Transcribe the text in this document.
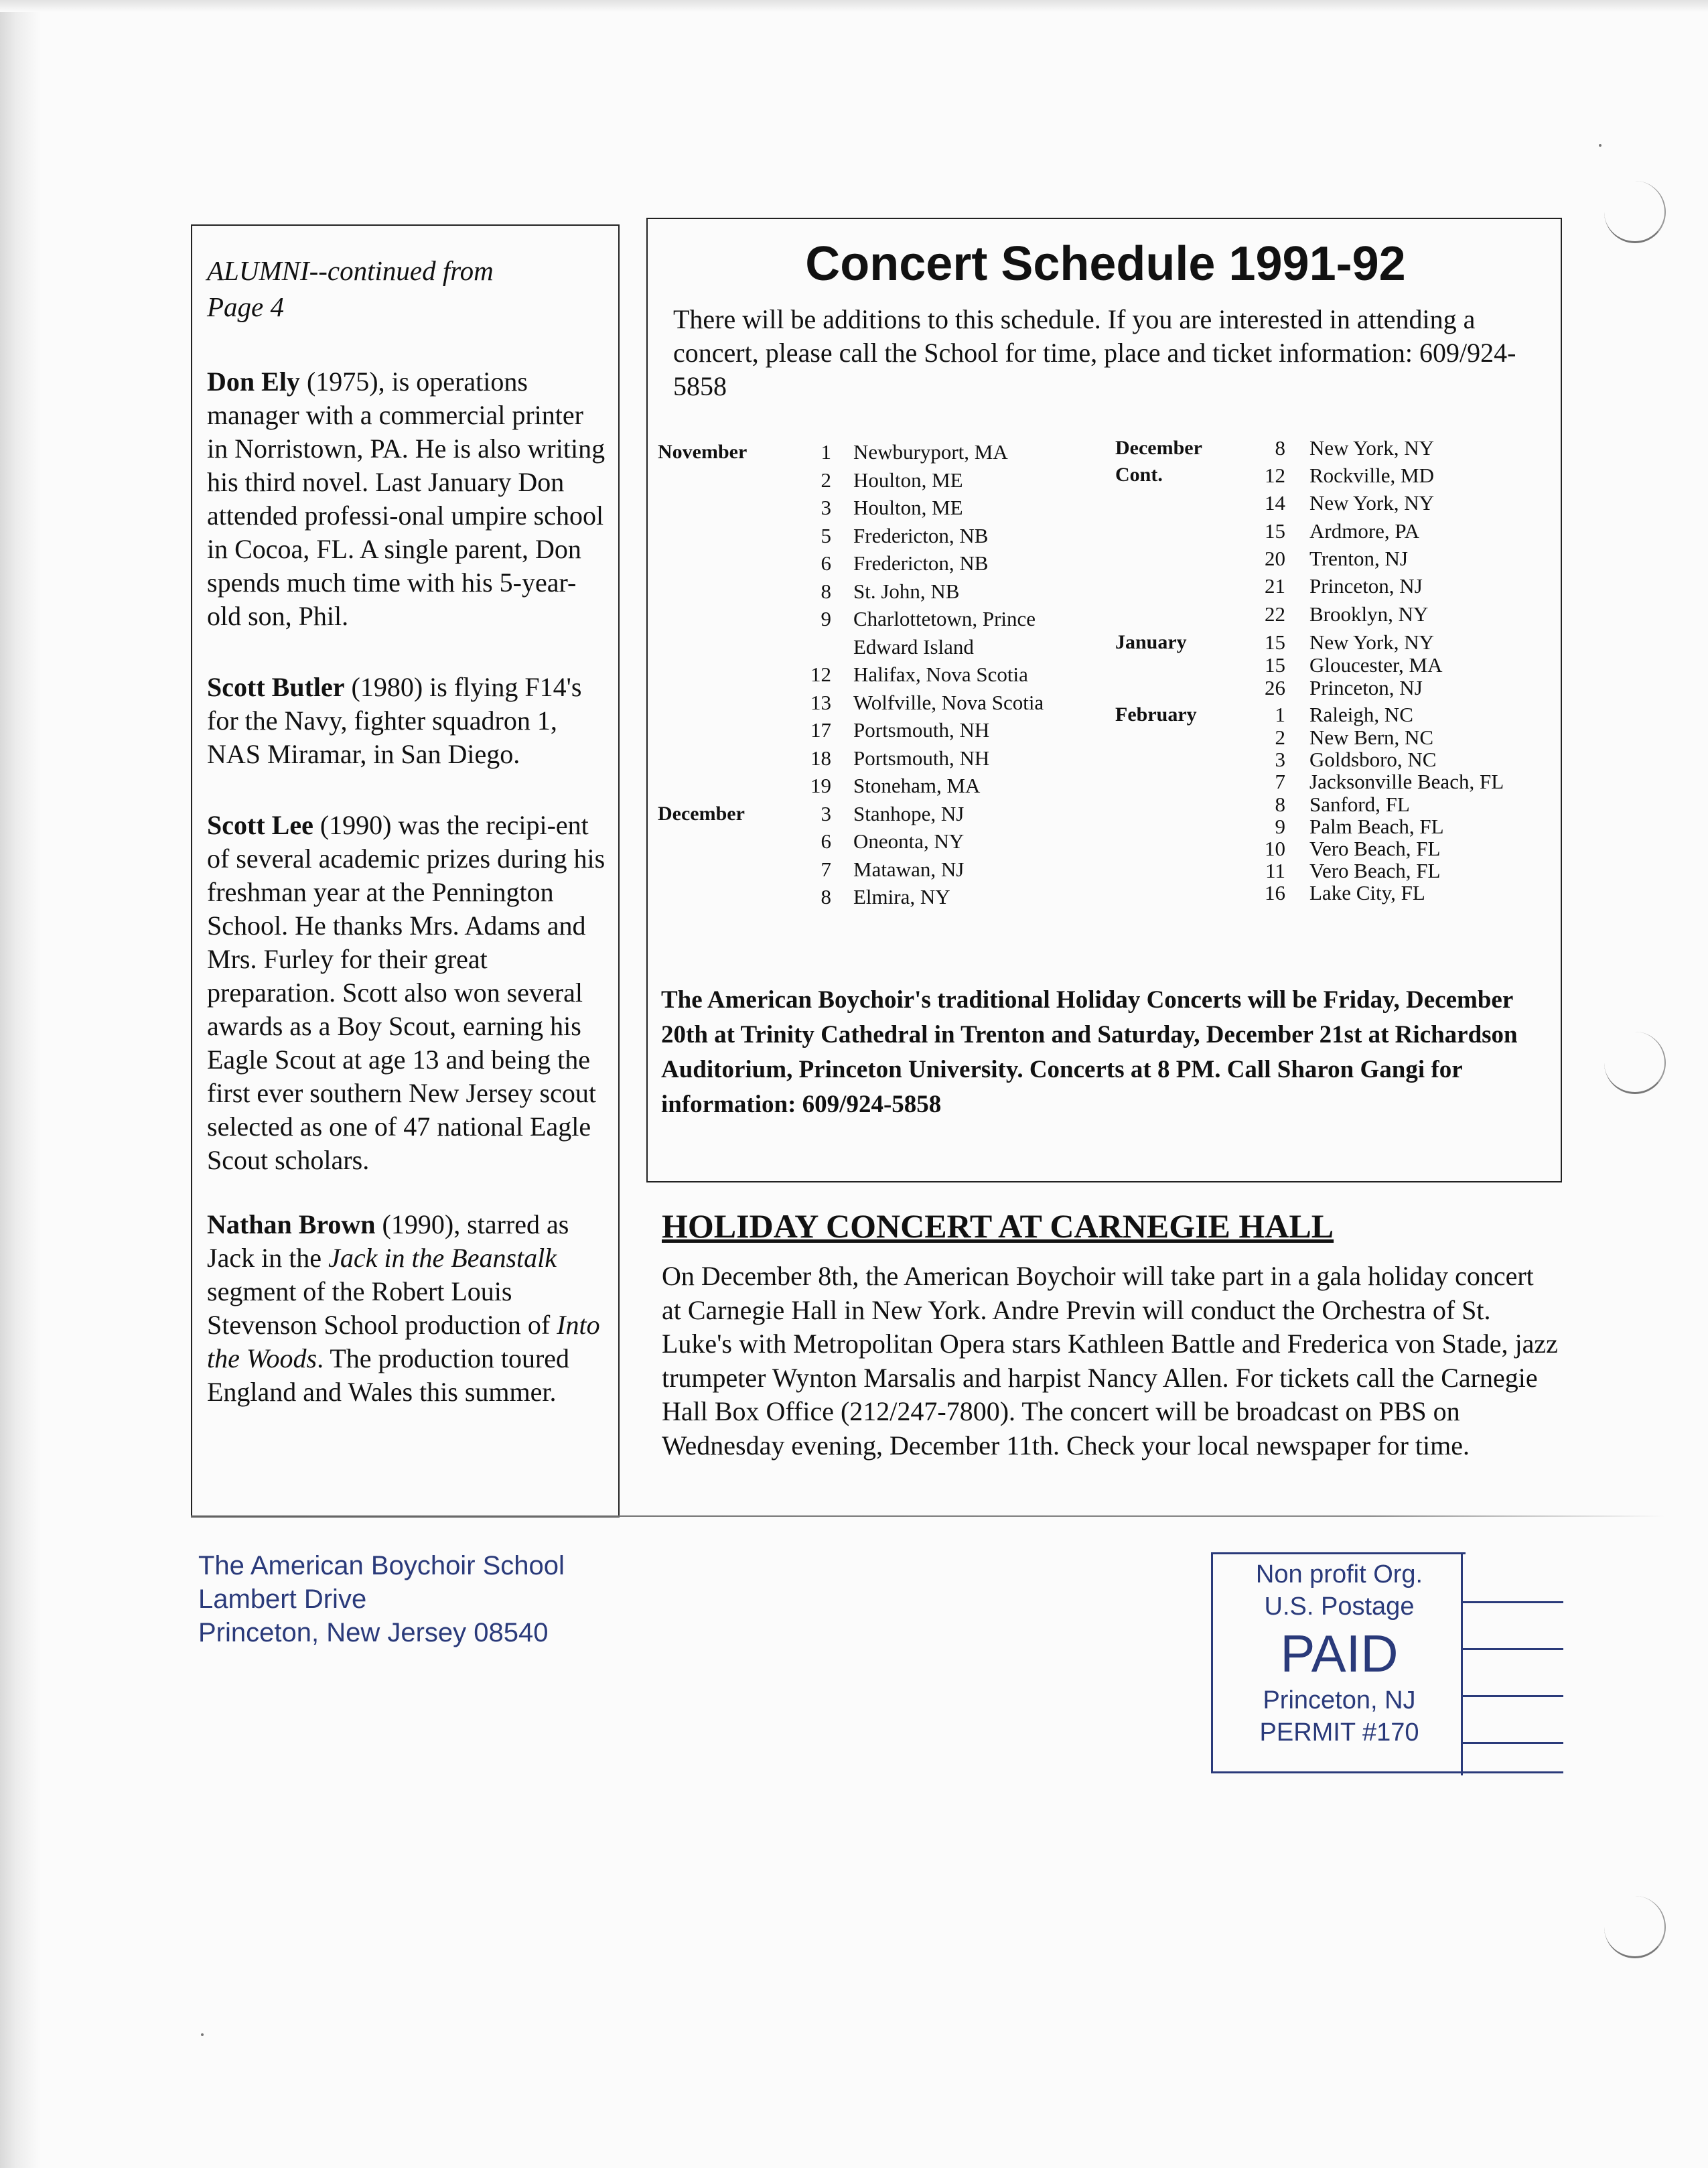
ALUMNI--continued from
Page 4
Don Ely (1975), is operations manager with a commercial printer in Norristown, PA. He is also writing his third novel. Last January Don attended professi-onal umpire school in Cocoa, FL. A single parent, Don spends much time with his 5-year-old son, Phil.
Scott Butler (1980) is flying F14's for the Navy, fighter squadron 1, NAS Miramar, in San Diego.
Scott Lee (1990) was the recipi-ent of several academic prizes during his freshman year at the Pennington School. He thanks Mrs. Adams and Mrs. Furley for their great preparation. Scott also won several awards as a Boy Scout, earning his Eagle Scout at age 13 and being the first ever southern New Jersey scout selected as one of 47 national Eagle Scout scholars.
Nathan Brown (1990), starred as Jack in the Jack in the Beanstalk segment of the Robert Louis Stevenson School production of Into the Woods. The production toured England and Wales this summer.
Concert Schedule 1991-92
There will be additions to this schedule. If you are interested in attending a concert, please call the School for time, place and ticket information: 609/924-5858
November
December
1 Newburyport, MA
2 Houlton, ME
3 Houlton, ME
5 Fredericton, NB
6 Fredericton, NB
8 St. John, NB
9 Charlottetown, Prince
Edward Island
12 Halifax, Nova Scotia
13 Wolfville, Nova Scotia
17 Portsmouth, NH
18 Portsmouth, NH
19 Stoneham, MA
3 Stanhope, NJ
6 Oneonta, NY
7 Matawan, NJ
8 Elmira, NY
December
Cont.
January
February
8 New York, NY
12 Rockville, MD
14 New York, NY
15 Ardmore, PA
20 Trenton, NJ
21 Princeton, NJ
22 Brooklyn, NY
15 New York, NY
15 Gloucester, MA
26 Princeton, NJ
1 Raleigh, NC
2 New Bern, NC
3 Goldsboro, NC
7 Jacksonville Beach, FL
8 Sanford, FL
9 Palm Beach, FL
10 Vero Beach, FL
11 Vero Beach, FL
16 Lake City, FL
The American Boychoir's traditional Holiday Concerts will be Friday, December 20th at Trinity Cathedral in Trenton and Saturday, December 21st at Richardson Auditorium, Princeton University. Concerts at 8 PM. Call Sharon Gangi for information: 609/924-5858
HOLIDAY CONCERT AT CARNEGIE HALL
On December 8th, the American Boychoir will take part in a gala holiday concert at Carnegie Hall in New York. Andre Previn will conduct the Orchestra of St. Luke's with Metropolitan Opera stars Kathleen Battle and Frederica von Stade, jazz trumpeter Wynton Marsalis and harpist Nancy Allen. For tickets call the Carnegie Hall Box Office (212/247-7800). The concert will be broadcast on PBS on Wednesday evening, December 11th. Check your local newspaper for time.
The American Boychoir School
Lambert Drive
Princeton, New Jersey 08540
Non profit Org.
U.S. Postage
PAID
Princeton, NJ
PERMIT #170
